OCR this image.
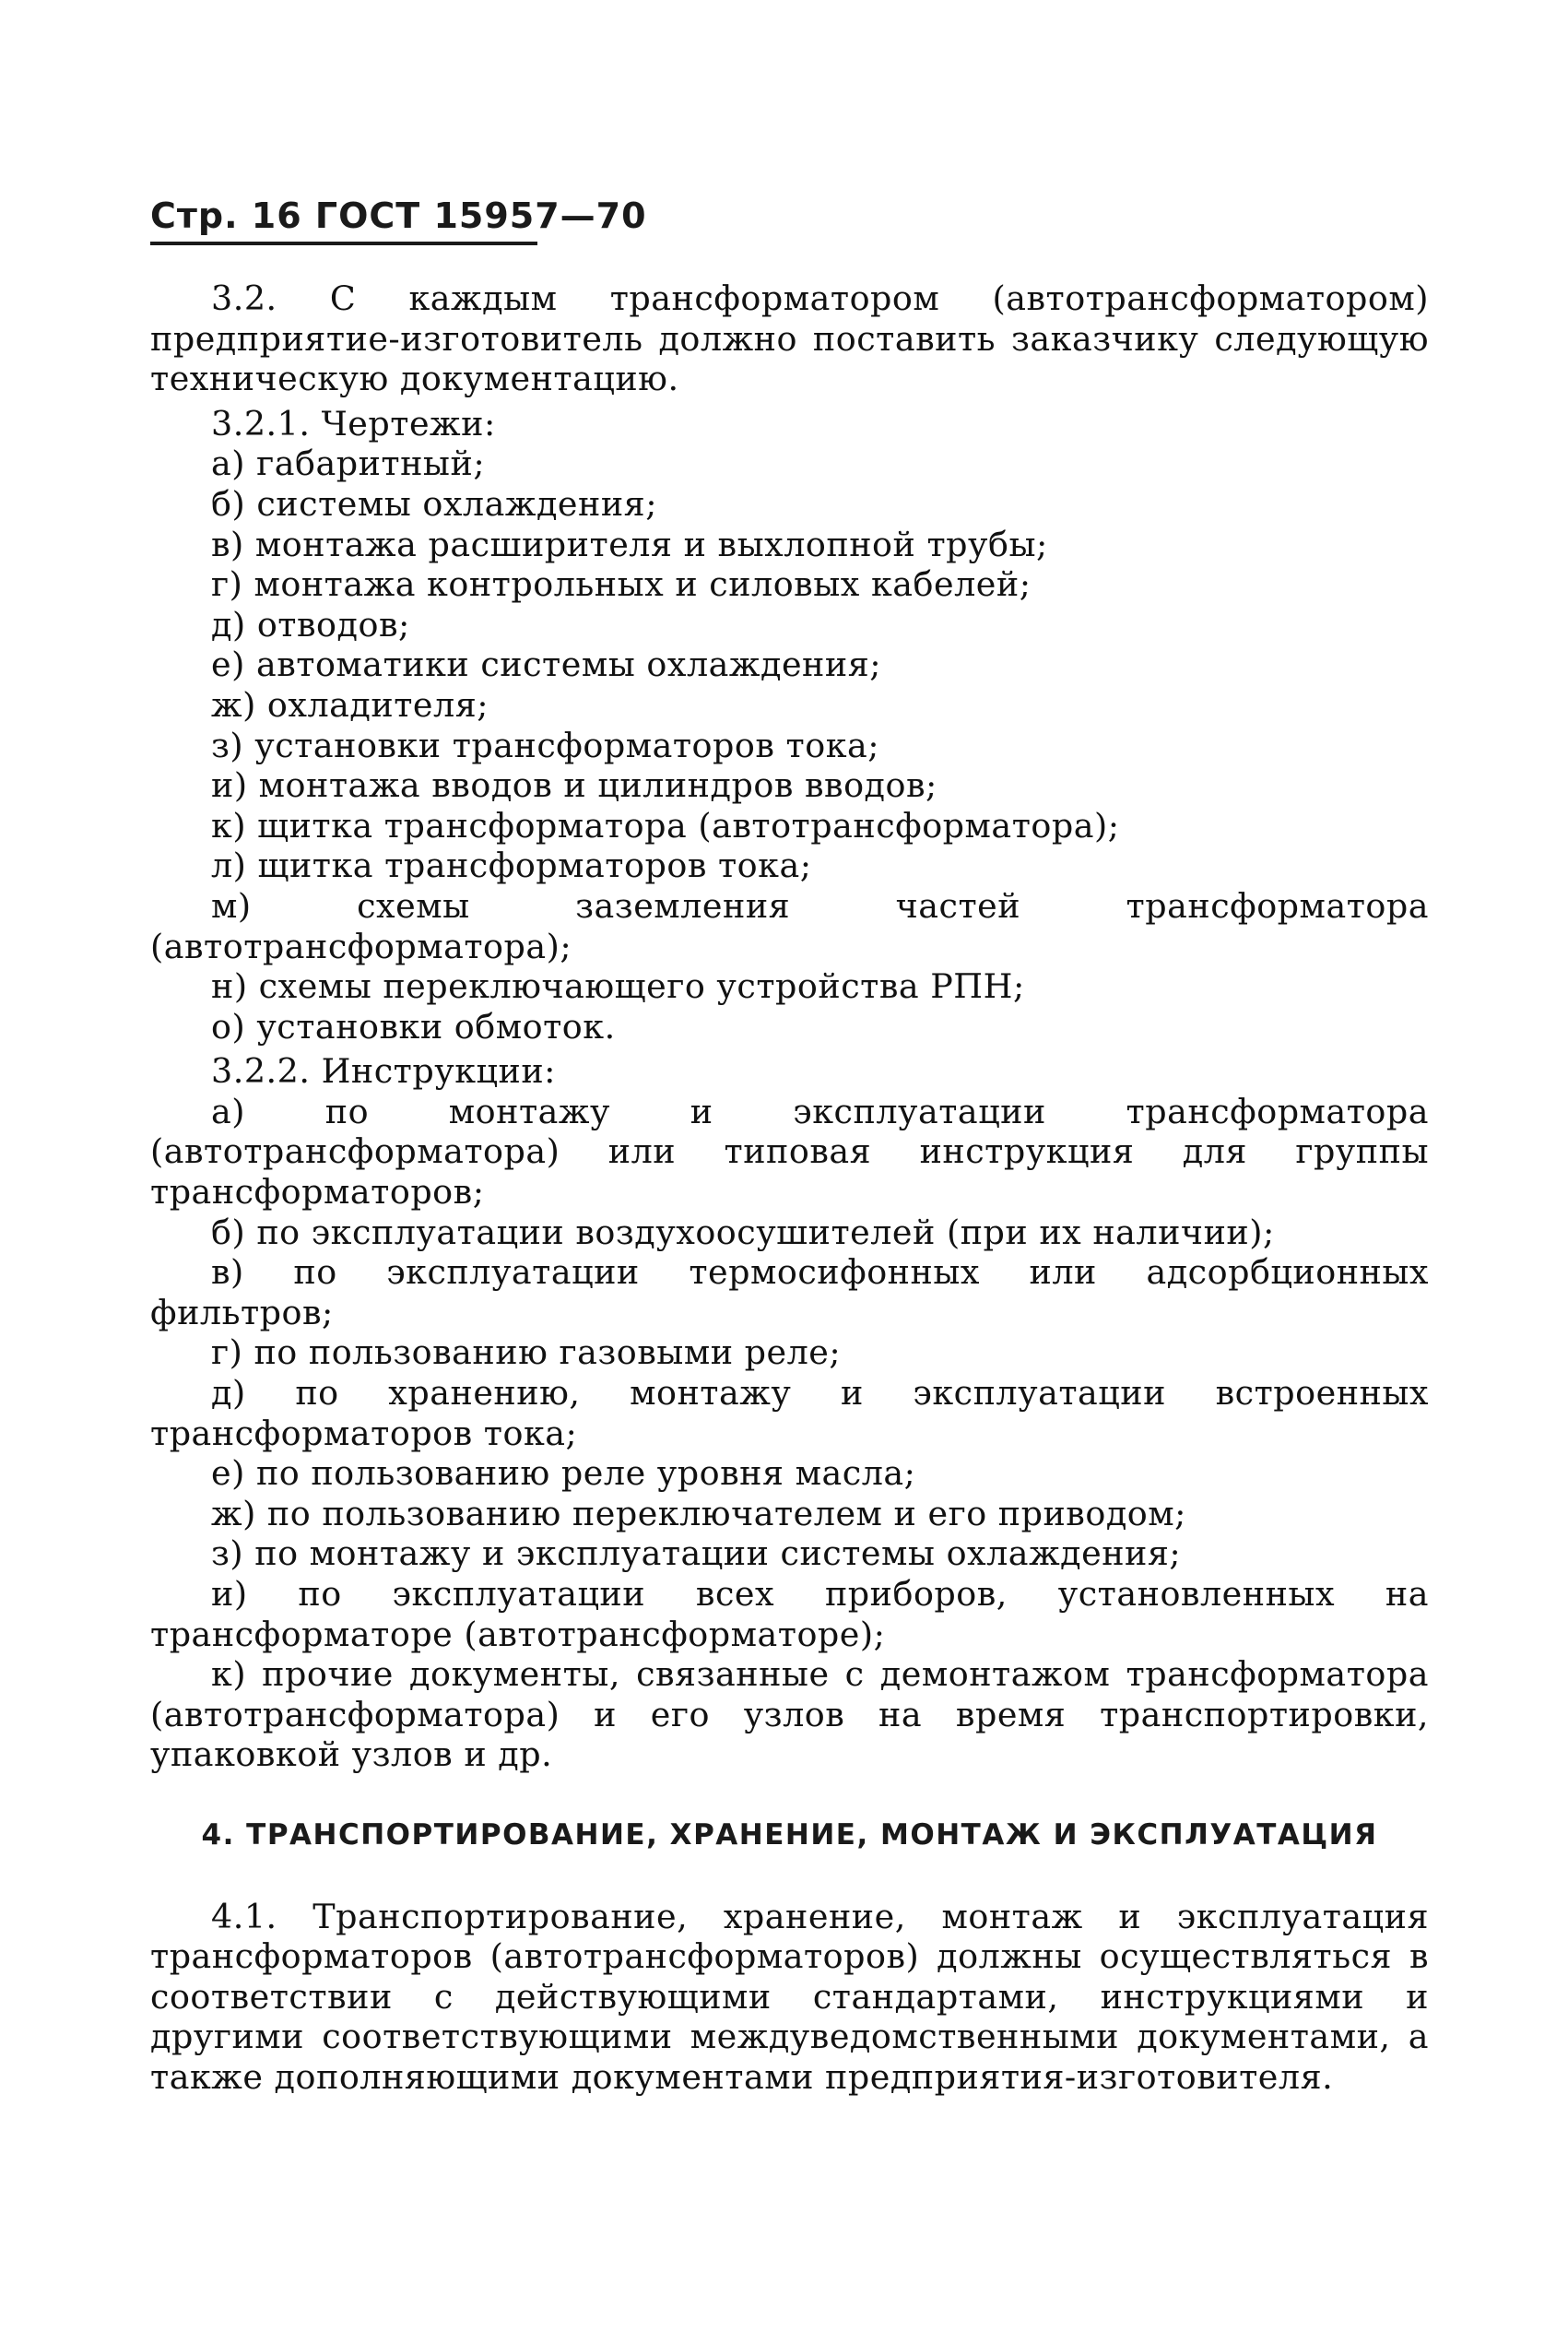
Стр. 16 ГОСТ 15957—70

3.2. С каждым трансформатором (автотрансформатором) предприятие-изготовитель должно поставить заказчику следующую техническую документацию.

3.2.1. Чертежи:

а) габаритный;

б) системы охлаждения;

в) монтажа расширителя и выхлопной трубы;

г) монтажа контрольных и силовых кабелей;

д) отводов;

е) автоматики системы охлаждения;

ж) охладителя;

з) установки трансформаторов тока;

и) монтажа вводов и цилиндров вводов;

к) щитка трансформатора (автотрансформатора);

л) щитка трансформаторов тока;

м) схемы заземления частей трансформатора (автотрансформатора);

н) схемы переключающего устройства РПН;

о) установки обмоток.

3.2.2. Инструкции:

а) по монтажу и эксплуатации трансформатора (автотрансформатора) или типовая инструкция для группы трансформаторов;

б) по эксплуатации воздухоосушителей (при их наличии);

в) по эксплуатации термосифонных или адсорбционных фильтров;

г) по пользованию газовыми реле;

д) по хранению, монтажу и эксплуатации встроенных трансформаторов тока;

е) по пользованию реле уровня масла;

ж) по пользованию переключателем и его приводом;

з) по монтажу и эксплуатации системы охлаждения;

и) по эксплуатации всех приборов, установленных на трансформаторе (автотрансформаторе);

к) прочие документы, связанные с демонтажом трансформатора (автотрансформатора) и его узлов на время транспортировки, упаковкой узлов и др.

4. ТРАНСПОРТИРОВАНИЕ, ХРАНЕНИЕ, МОНТАЖ И ЭКСПЛУАТАЦИЯ

4.1. Транспортирование, хранение, монтаж и эксплуатация трансформаторов (автотрансформаторов) должны осуществляться в соответствии с действующими стандартами, инструкциями и другими соответствующими междуведомственными документами, а также дополняющими документами предприятия-изготовителя.
